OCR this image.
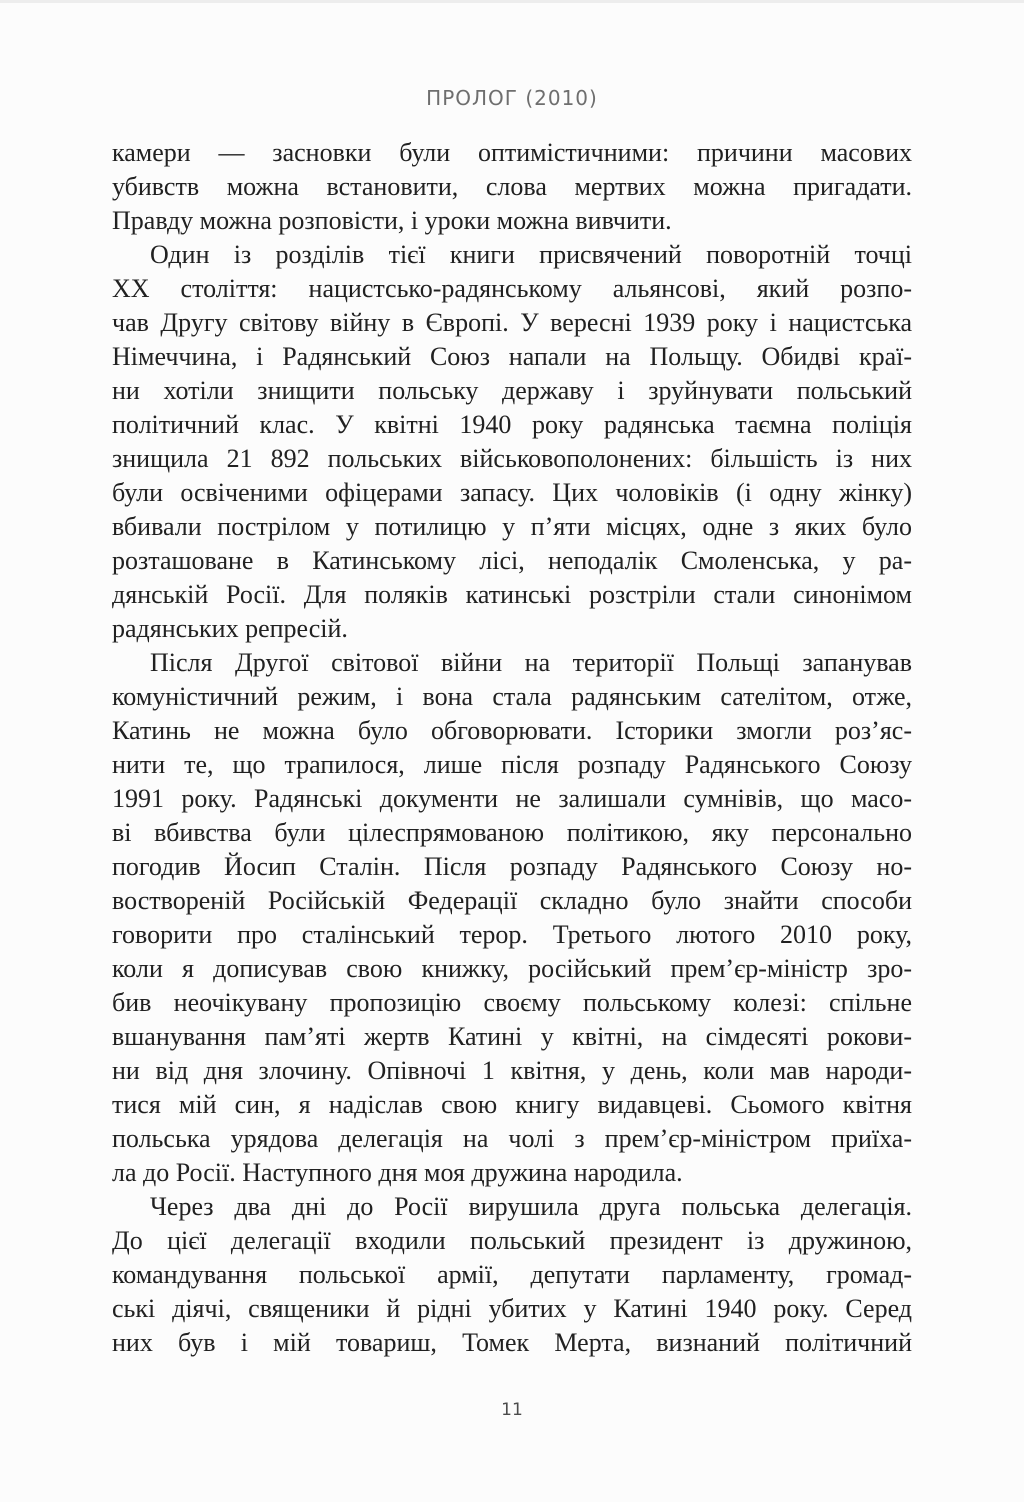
ПРОЛОГ (2010)
камери — засновки були оптимістичними: причини масових
убивств можна встановити, слова мертвих можна пригадати.
Правду можна розповісти, і уроки можна вивчити.
Один із розділів тієї книги присвячений поворотній точці
ХХ століття: нацистсько-радянському альянсові, який розпо-
чав Другу світову війну в Європі. У вересні 1939 року і нацистська
Німеччина, і Радянський Союз напали на Польщу. Обидві краї-
ни хотіли знищити польську державу і зруйнувати польський
політичний клас. У квітні 1940 року радянська таємна поліція
знищила 21 892 польських військовополонених: більшість із них
були освіченими офіцерами запасу. Цих чоловіків (і одну жінку)
вбивали пострілом у потилицю у п’яти місцях, одне з яких було
розташоване в Катинському лісі, неподалік Смоленська, у ра-
дянській Росії. Для поляків катинські розстріли стали синонімом
радянських репресій.
Після Другої світової війни на території Польщі запанував
комуністичний режим, і вона стала радянським сателітом, отже,
Катинь не можна було обговорювати. Історики змогли роз’яс-
нити те, що трапилося, лише після розпаду Радянського Союзу
1991 року. Радянські документи не залишали сумнівів, що масо-
ві вбивства були цілеспрямованою політикою, яку персонально
погодив Йосип Сталін. Після розпаду Радянського Союзу но-
воствореній Російській Федерації складно було знайти способи
говорити про сталінський терор. Третього лютого 2010 року,
коли я дописував свою книжку, російський прем’єр-міністр зро-
бив неочікувану пропозицію своєму польському колезі: спільне
вшанування пам’яті жертв Катині у квітні, на сімдесяті рокови-
ни від дня злочину. Опівночі 1 квітня, у день, коли мав народи-
тися мій син, я надіслав свою книгу видавцеві. Сьомого квітня
польська урядова делегація на чолі з прем’єр-міністром приїха-
ла до Росії. Наступного дня моя дружина народила.
Через два дні до Росії вирушила друга польська делегація.
До цієї делегації входили польський президент із дружиною,
командування польської армії, депутати парламенту, громад-
ські діячі, священики й рідні убитих у Катині 1940 року. Серед
них був і мій товариш, Томек Мерта, визнаний політичний
11
